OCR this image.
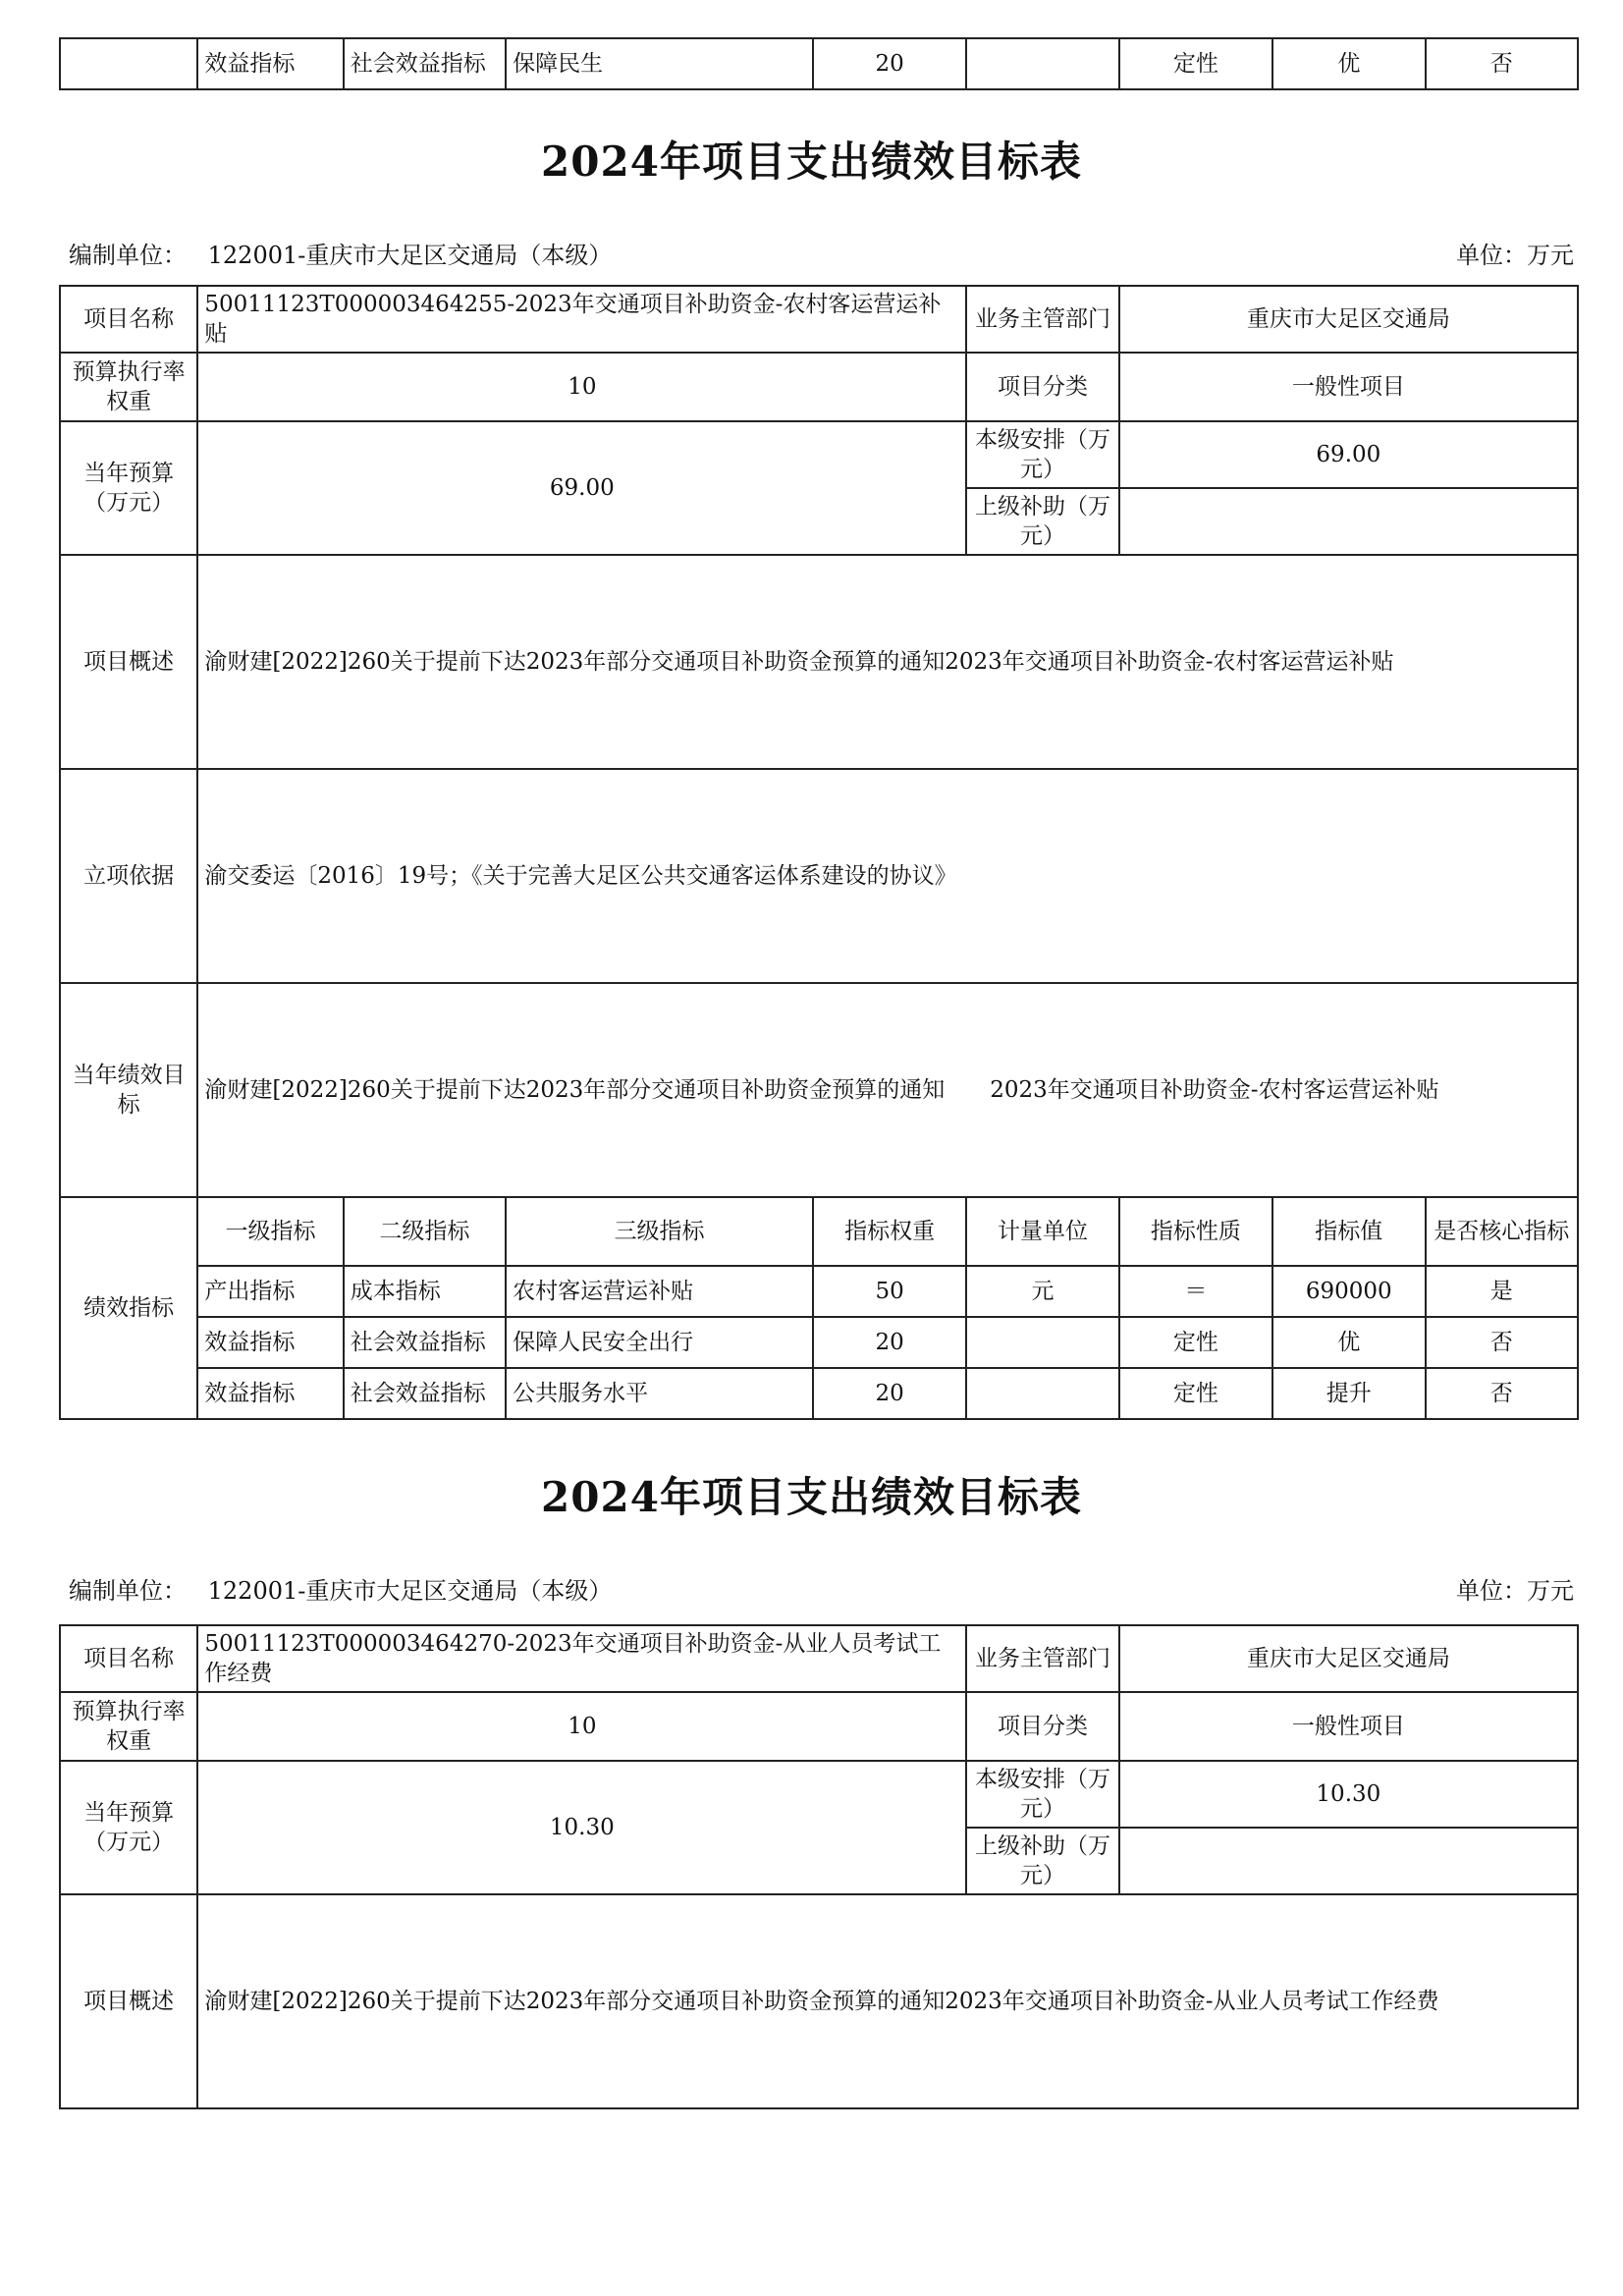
	效益指标	社会效益指标	保障民生	20		定性	优	否
2024年项目支出绩效目标表
编制单位： 122001-重庆市大足区交通局（本级）	单位：万元
项目名称	50011123T000003464255-2023年交通项目补助资金-农村客运营运补贴				业务主管部门	重庆市大足区交通局		
预算执行率权重	10				项目分类	一般性项目		
当年预算（万元）	69.00				本级安排（万元）	69.00		
					上级补助（万元）			
项目概述	渝财建[2022]260关于提前下达2023年部分交通项目补助资金预算的通知2023年交通项目补助资金-农村客运营运补贴							
立项依据	渝交委运〔2016〕19号；《关于完善大足区公共交通客运体系建设的协议》							
当年绩效目标	渝财建[2022]260关于提前下达2023年部分交通项目补助资金预算的通知　　2023年交通项目补助资金-农村客运营运补贴							
绩效指标	一级指标	二级指标	三级指标	指标权重	计量单位	指标性质	指标值	是否核心指标
	产出指标	成本指标	农村客运营运补贴	50	元	＝	690000	是
	效益指标	社会效益指标	保障人民安全出行	20		定性	优	否
	效益指标	社会效益指标	公共服务水平	20		定性	提升	否
2024年项目支出绩效目标表
编制单位： 122001-重庆市大足区交通局（本级）	单位：万元
项目名称	50011123T000003464270-2023年交通项目补助资金-从业人员考试工作经费	业务主管部门	重庆市大足区交通局
预算执行率权重	10	项目分类	一般性项目
当年预算（万元）	10.30	本级安排（万元）	10.30
		上级补助（万元）	
项目概述	渝财建[2022]260关于提前下达2023年部分交通项目补助资金预算的通知2023年交通项目补助资金-从业人员考试工作经费		
